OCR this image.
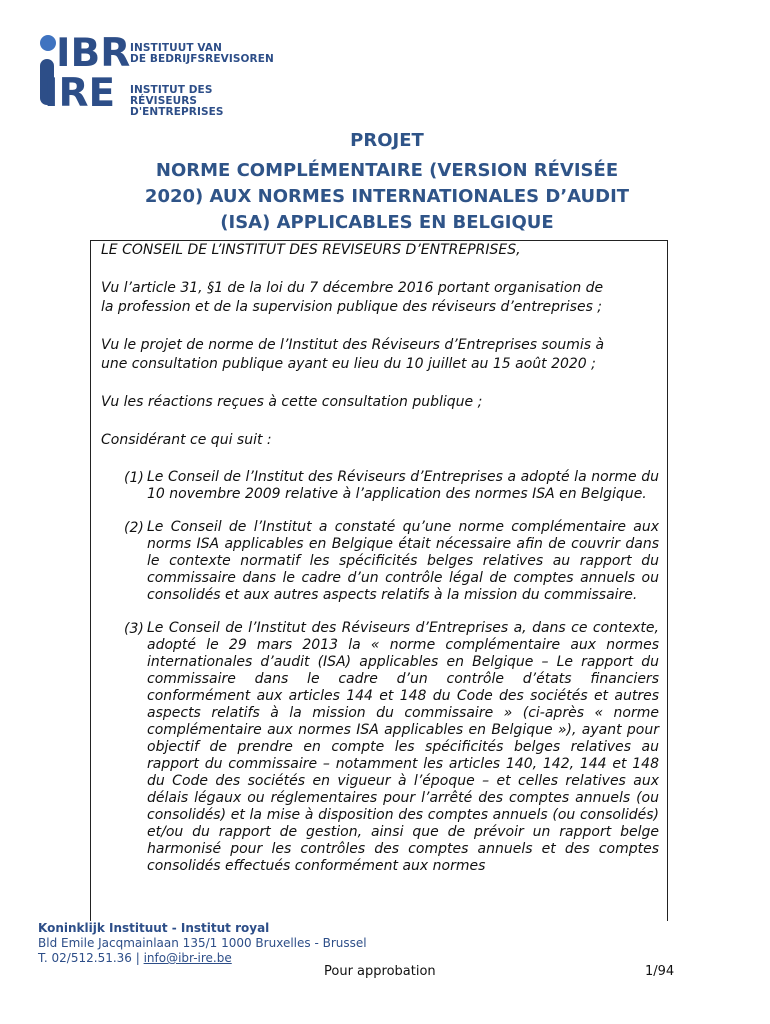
IBR
IRE
INSTITUUT VAN
DE BEDRIJFSREVISOREN
INSTITUT DES RÉVISEURS
D'ENTREPRISES
PROJET
NORME COMPLÉMENTAIRE (VERSION RÉVISÉE
2020) AUX NORMES INTERNATIONALES D’AUDIT
(ISA) APPLICABLES EN BELGIQUE

LE CONSEIL DE L’INSTITUT DES REVISEURS D’ENTREPRISES,

Vu l’article 31, §1 de la loi du 7 décembre 2016 portant organisation de

la profession et de la supervision publique des réviseurs d’entreprises ;

Vu le projet de norme de l’Institut des Réviseurs d’Entreprises soumis à

une consultation publique ayant eu lieu du 10 juillet au 15 août 2020 ;

Vu les réactions reçues à cette consultation publique ;

Considérant ce qui suit :

(1) Le Conseil de l’Institut des Réviseurs d’Entreprises a adopté la norme du 10 novembre 2009 relative à l’application des normes ISA en Belgique.
(2) Le Conseil de l’Institut a constaté qu’une norme complémentaire aux norms ISA applicables en Belgique était nécessaire afin de couvrir dans le contexte normatif les spécificités belges relatives au rapport du commissaire dans le cadre d’un contrôle légal de comptes annuels ou consolidés et aux autres aspects relatifs à la mission du commissaire.
(3) Le Conseil de l’Institut des Réviseurs d’Entreprises a, dans ce contexte, adopté le 29 mars 2013 la « norme complémentaire aux normes internationales d’audit (ISA) applicables en Belgique – Le rapport du commissaire dans le cadre d’un contrôle d’états financiers conformément aux articles 144 et 148 du Code des sociétés et autres aspects relatifs à la mission du commissaire » (ci-après « norme complémentaire aux normes ISA applicables en Belgique »), ayant pour objectif de prendre en compte les spécificités belges relatives au rapport du commissaire – notamment les articles 140, 142, 144 et 148 du Code des sociétés en vigueur à l’époque – et celles relatives aux délais légaux ou réglementaires pour l’arrêté des comptes annuels (ou consolidés) et la mise à disposition des comptes annuels (ou consolidés) et/ou du rapport de gestion, ainsi que de prévoir un rapport belge harmonisé pour les contrôles des comptes annuels et des comptes consolidés effectués conformément aux normes
Koninklijk Instituut - Institut royal
Bld Emile Jacqmainlaan 135/1 1000 Bruxelles - Brussel
T. 02/512.51.36 | info@ibr-ire.be
Pour approbation	1/94
